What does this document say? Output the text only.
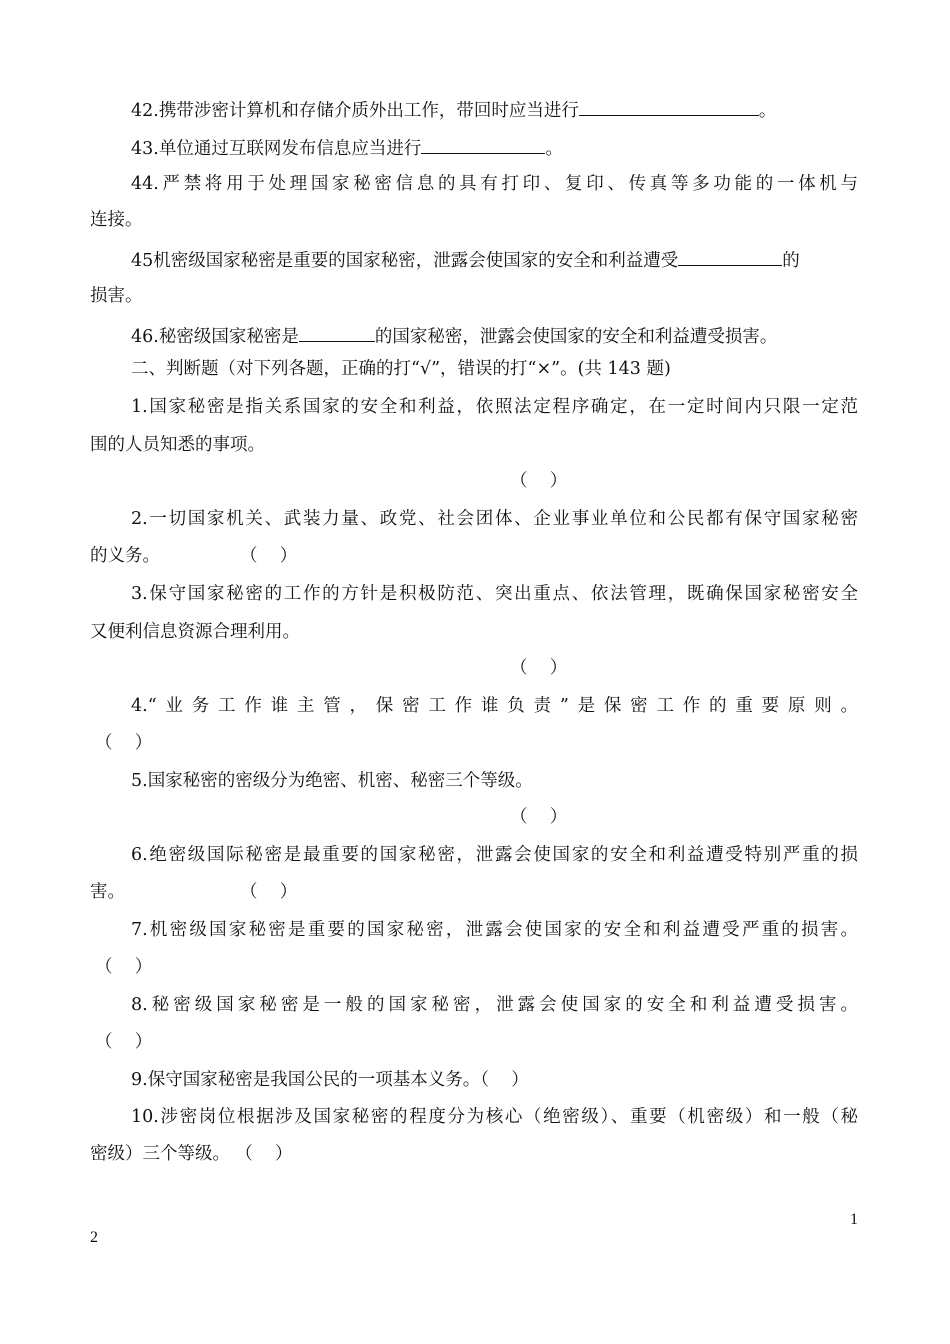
42.携带涉密计算机和存储介质外出工作，带回时应当进行	。
43.单位通过互联网发布信息应当进行	。
44.严禁将用于处理国家秘密信息的具有打印、复印、传真等多功能的一体机与
连接。
45机密级国家秘密是重要的国家秘密，泄露会使国家的安全和利益遭受	的
损害。
46.秘密级国家秘密是	的国家秘密，泄露会使国家的安全和利益遭受损害。
二、判断题（对下列各题，正确的打“√”，错误的打“×”。(共 143 题)
1.国家秘密是指关系国家的安全和利益，依照法定程序确定，在一定时间内只限一定范
围的人员知悉的事项。
（    ）
2.一切国家机关、武装力量、政党、社会团体、企业事业单位和公民都有保守国家秘密
的义务。	（    ）
3.保守国家秘密的工作的方针是积极防范、突出重点、依法管理，既确保国家秘密安全
又便利信息资源合理利用。
（    ）
4.“业务工作谁主管，保密工作谁负责”是保密工作的重要原则。
（    ）
5.国家秘密的密级分为绝密、机密、秘密三个等级。
（    ）
6.绝密级国际秘密是最重要的国家秘密，泄露会使国家的安全和利益遭受特别严重的损
害。	（    ）
7.机密级国家秘密是重要的国家秘密，泄露会使国家的安全和利益遭受严重的损害。
（    ）
8.秘密级国家秘密是一般的国家秘密，泄露会使国家的安全和利益遭受损害。
（    ）
9.保守国家秘密是我国公民的一项基本义务。（    ）
10.涉密岗位根据涉及国家秘密的程度分为核心（绝密级）、重要（机密级）和一般（秘
密级）三个等级。 （    ）
1
2
